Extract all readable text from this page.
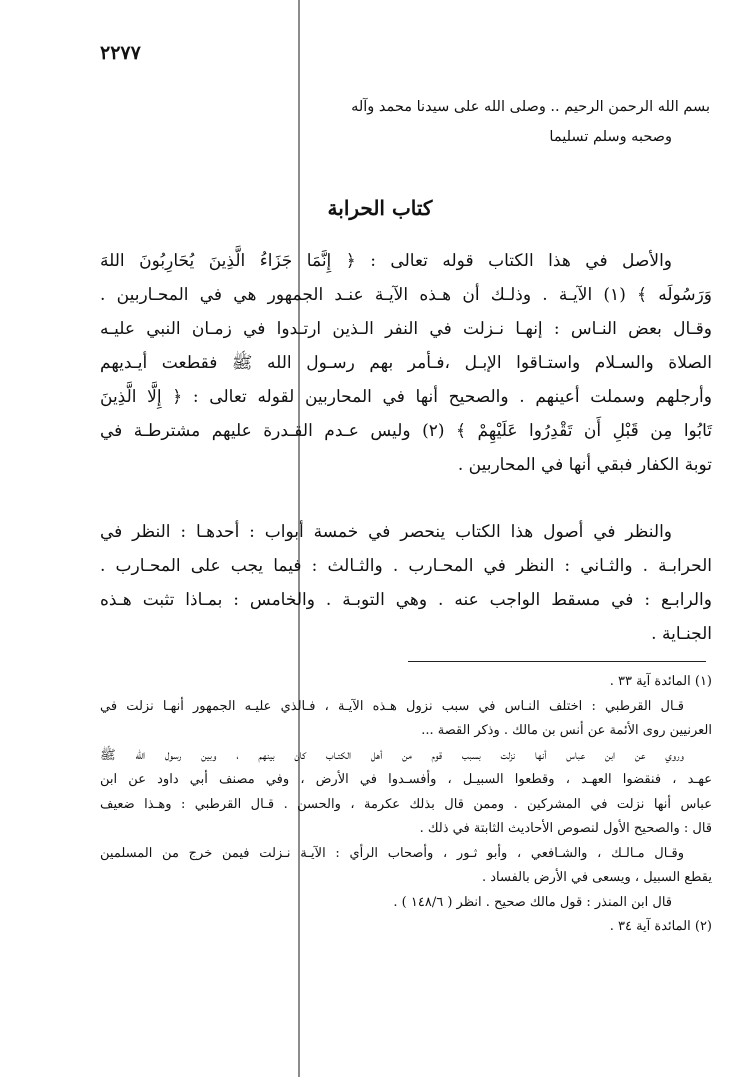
٢٢٧٧
بسم الله الرحمن الرحيم .. وصلى الله على سيدنا محمد وآله
وصحبه وسلم تسليما
كتاب الحرابة
والأصل في هذا الكتاب قوله تعالى : ﴿ إِنَّمَا جَزَاءُ الَّذِينَ يُحَارِبُونَ اللهَ
وَرَسُولَه ﴾ (١) الآيـة . وذلـك أن هـذه الآيـة عنـد الجمهور هي في المحـاربين .
وقـال بعض النـاس : إنهـا نـزلت في النفر الـذين ارتـدوا في زمـان النبي عليـه
الصلاة والسـلام واستـاقوا الإبـل ،فـأمر بهم رسـول الله ﷺ فقطعت أيـديهم
وأرجلهم وسملت أعينهم . والصحيح أنها في المحاربين لقوله تعالى : ﴿ إِلَّا الَّذِينَ
تَابُوا مِن قَبْلِ أَن تَقْدِرُوا عَلَيْهِمْ ﴾ (٢) وليس عـدم القـدرة عليهم مشترطـة في
توبة الكفار فبقي أنها في المحاربين .
والنظر في أصول هذا الكتاب ينحصر في خمسة أبواب : أحدهـا : النظر في
الحرابـة . والثـاني : النظر في المحـارب . والثـالث : فيما يجب على المحـارب .
والرابـع : في مسقط الواجب عنه . وهي التوبـة . والخامس : بمـاذا تثبت هـذه
الجنـاية .
(١) المائدة آية ٣٣ .
قـال القرطبي : اختلف النـاس في سبب نزول هـذه الآيـة ، فـالذي عليـه الجمهور أنهـا نزلت في
العرنيين روى الأئمة عن أنس بن مالك . وذكر القصة ...
وروي عن ابن عباس أنها نزلت بسبب قوم من أهل الكتـاب كان بينهم ، وبين رسول الله ﷺ
عهـد ، فنقضوا العهـد ، وقطعوا السبيـل ، وأفسـدوا في الأرض ، وفي مصنف أبي داود عن ابن
عباس أنها نزلت في المشركين . وممن قال بذلك عكرمة ، والحسن . قـال القرطبي : وهـذا ضعيف
قال : والصحيح الأول لنصوص الأحاديث الثابتة في ذلك .
وقـال مـالـك ، والشـافعي ، وأبو ثـور ، وأصحاب الرأي : الآيـة نـزلت فيمن خرج من المسلمين
يقطع السبيل ، ويسعى في الأرض بالفساد .
قال ابن المنذر : قول مالك صحيح . انظر ( ١٤٨/٦ ) .
(٢) المائدة آية ٣٤ .
